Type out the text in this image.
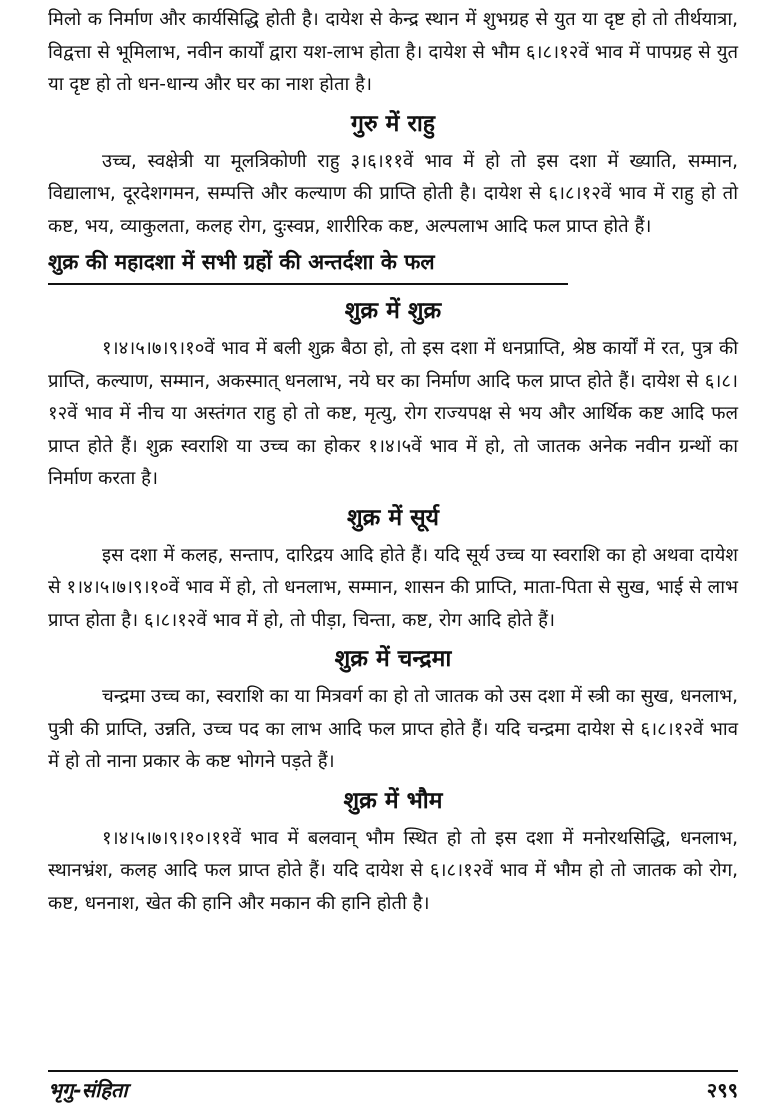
मिलो क निर्माण और कार्यसिद्धि होती है। दायेश से केन्द्र स्थान में शुभग्रह से युत या दृष्ट हो तो तीर्थयात्रा, विद्वत्ता से भूमिलाभ, नवीन कार्यों द्वारा यश-लाभ होता है। दायेश से भौम ६।८।१२वें भाव में पापग्रह से युत या दृष्ट हो तो धन-धान्य और घर का नाश होता है।

गुरु में राहु

उच्च, स्वक्षेत्री या मूलत्रिकोणी राहु ३।६।११वें भाव में हो तो इस दशा में ख्याति, सम्मान, विद्यालाभ, दूरदेशगमन, सम्पत्ति और कल्याण की प्राप्ति होती है। दायेश से ६।८।१२वें भाव में राहु हो तो कष्ट, भय, व्याकुलता, कलह रोग, दुःस्वप्न, शारीरिक कष्ट, अल्पलाभ आदि फल प्राप्त होते हैं।

शुक्र की महादशा में सभी ग्रहों की अन्तर्दशा के फल
शुक्र में शुक्र

१।४।५।७।९।१०वें भाव में बली शुक्र बैठा हो, तो इस दशा में धनप्राप्ति, श्रेष्ठ कार्यों में रत, पुत्र की प्राप्ति, कल्याण, सम्मान, अकस्मात् धनलाभ, नये घर का निर्माण आदि फल प्राप्त होते हैं। दायेश से ६।८।१२वें भाव में नीच या अस्तंगत राहु हो तो कष्ट, मृत्यु, रोग राज्यपक्ष से भय और आर्थिक कष्ट आदि फल प्राप्त होते हैं। शुक्र स्वराशि या उच्च का होकर १।४।५वें भाव में हो, तो जातक अनेक नवीन ग्रन्थों का निर्माण करता है।

शुक्र में सूर्य

इस दशा में कलह, सन्ताप, दारिद्रय आदि होते हैं। यदि सूर्य उच्च या स्वराशि का हो अथवा दायेश से १।४।५।७।९।१०वें भाव में हो, तो धनलाभ, सम्मान, शासन की प्राप्ति, माता-पिता से सुख, भाई से लाभ प्राप्त होता है। ६।८।१२वें भाव में हो, तो पीड़ा, चिन्ता, कष्ट, रोग आदि होते हैं।

शुक्र में चन्द्रमा

चन्द्रमा उच्च का, स्वराशि का या मित्रवर्ग का हो तो जातक को उस दशा में स्त्री का सुख, धनलाभ, पुत्री की प्राप्ति, उन्नति, उच्च पद का लाभ आदि फल प्राप्त होते हैं। यदि चन्द्रमा दायेश से ६।८।१२वें भाव में हो तो नाना प्रकार के कष्ट भोगने पड़ते हैं।

शुक्र में भौम

१।४।५।७।९।१०।११वें भाव में बलवान् भौम स्थित हो तो इस दशा में मनोरथसिद्धि, धनलाभ, स्थानभ्रंश, कलह आदि फल प्राप्त होते हैं। यदि दायेश से ६।८।१२वें भाव में भौम हो तो जातक को रोग, कष्ट, धननाश, खेत की हानि और मकान की हानि होती है।

भृगु-संहिता	२९९
